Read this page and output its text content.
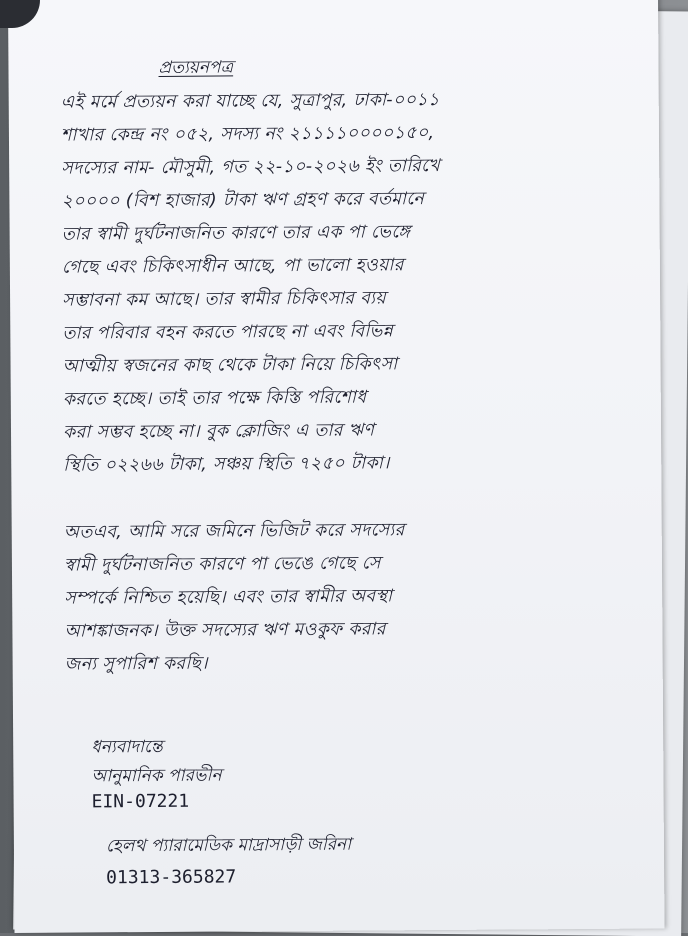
প্রত্যয়নপত্র
এই মর্মে প্রত্যয়ন করা যাচ্ছে যে, সুত্রাপুর, ঢাকা-০০১১
শাখার কেন্দ্র নং ০৫২, সদস্য নং ২১১১১০০০০১৫০,
সদস্যের নাম- মৌসুমী, গত ২২-১০-২০২৬ ইং তারিখে
২০০০০ (বিশ হাজার) টাকা ঋণ গ্রহণ করে বর্তমানে
তার স্বামী দুর্ঘটনাজনিত কারণে তার এক পা ভেঙ্গে
গেছে এবং চিকিৎসাধীন আছে, পা ভালো হওয়ার
সম্ভাবনা কম আছে। তার স্বামীর চিকিৎসার ব্যয়
তার পরিবার বহন করতে পারছে না এবং বিভিন্ন
আত্মীয় স্বজনের কাছ থেকে টাকা নিয়ে চিকিৎসা
করতে হচ্ছে। তাই তার পক্ষে কিস্তি পরিশোধ
করা সম্ভব হচ্ছে না। বুক ক্লোজিং এ তার ঋণ
স্থিতি ০২২৬৬ টাকা, সঞ্চয় স্থিতি ৭২৫০ টাকা।
অতএব, আমি সরে জমিনে ভিজিট করে সদস্যের
স্বামী দুর্ঘটনাজনিত কারণে পা ভেঙে গেছে সে
সম্পর্কে নিশ্চিত হয়েছি। এবং তার স্বামীর অবস্থা
আশঙ্কাজনক। উক্ত সদস্যের ঋণ মওকুফ করার
জন্য সুপারিশ করছি।
ধন্যবাদান্তে
আনুমানিক পারভীন
EIN-07221
হেলথ প্যারামেডিক মাদ্রাসাড়ী জরিনা
01313-365827
